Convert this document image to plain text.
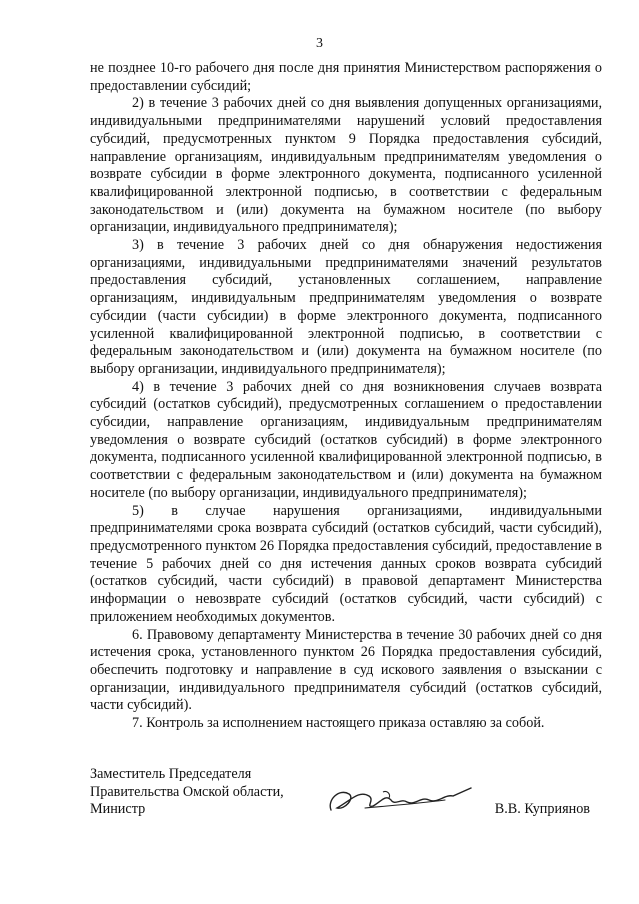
3

не позднее 10-го рабочего дня после дня принятия Министерством распоряжения о предоставлении субсидий;

2) в течение 3 рабочих дней со дня выявления допущенных организациями, индивидуальными предпринимателями нарушений условий предоставления субсидий, предусмотренных пунктом 9 Порядка предоставления субсидий, направление организациям, индивидуальным предпринимателям уведомления о возврате субсидии в форме электронного документа, подписанного усиленной квалифицированной электронной подписью, в соответствии с федеральным законодательством и (или) документа на бумажном носителе (по выбору организации, индивидуального предпринимателя);

3) в течение 3 рабочих дней со дня обнаружения недостижения организациями, индивидуальными предпринимателями значений результатов предоставления субсидий, установленных соглашением, направление организациям, индивидуальным предпринимателям уведомления о возврате субсидии (части субсидии) в форме электронного документа, подписанного усиленной квалифицированной электронной подписью, в соответствии с федеральным законодательством и (или) документа на бумажном носителе (по выбору организации, индивидуального предпринимателя);

4) в течение 3 рабочих дней со дня возникновения случаев возврата субсидий (остатков субсидий), предусмотренных соглашением о предоставлении субсидии, направление организациям, индивидуальным предпринимателям уведомления о возврате субсидий (остатков субсидий) в форме электронного документа, подписанного усиленной квалифицированной электронной подписью, в соответствии с федеральным законодательством и (или) документа на бумажном носителе (по выбору организации, индивидуального предпринимателя);

5) в случае нарушения организациями, индивидуальными предпринимателями срока возврата субсидий (остатков субсидий, части субсидий), предусмотренного пунктом 26 Порядка предоставления субсидий, предоставление в течение 5 рабочих дней со дня истечения данных сроков возврата субсидий (остатков субсидий, части субсидий) в правовой департамент Министерства информации о невозврате субсидий (остатков субсидий, части субсидий) с приложением необходимых документов.

6. Правовому департаменту Министерства в течение 30 рабочих дней со дня истечения срока, установленного пунктом 26 Порядка предоставления субсидий, обеспечить подготовку и направление в суд искового заявления о взыскании с организации, индивидуального предпринимателя субсидий (остатков субсидий, части субсидий).

7. Контроль за исполнением настоящего приказа оставляю за собой.

Заместитель Председателя
Правительства Омской области,
Министр	В.В. Куприянов
